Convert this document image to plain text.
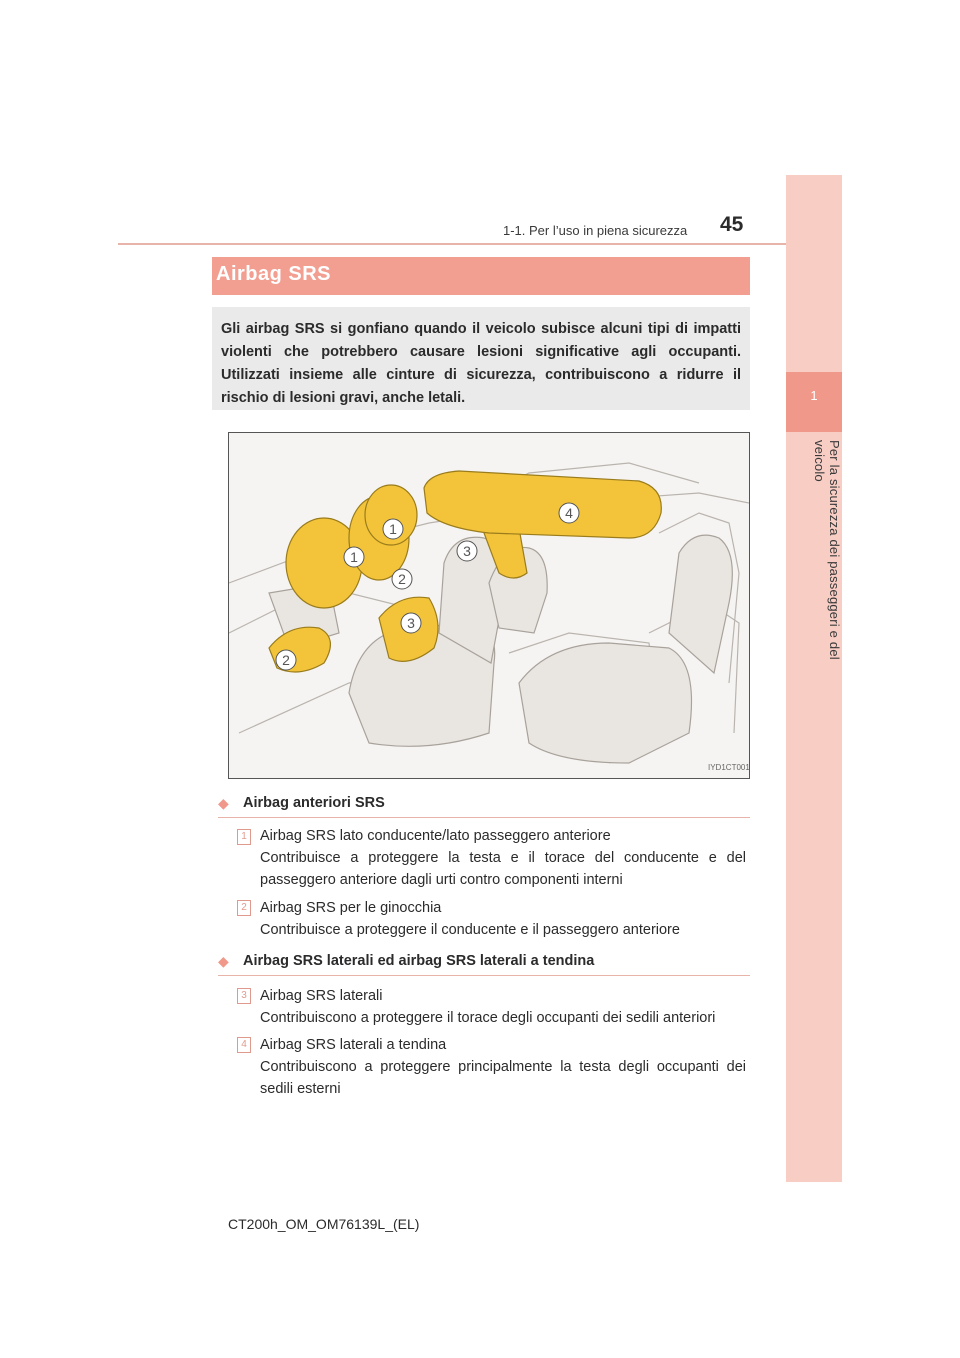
45
1-1. Per l’uso in piena sicurezza
1
Per la sicurezza dei passeggeri e del veicolo
Airbag SRS
Gli airbag SRS si gonfiano quando il veicolo subisce alcuni tipi di impatti violenti che potrebbero causare lesioni significative agli occupanti. Utilizzati insieme alle cinture di sicurezza, contribuiscono a ridurre il rischio di lesioni gravi, anche letali.
1
1
2
2
3
3
4
IYD1CT001
◆ Airbag anteriori SRS
1 Airbag SRS lato conducente/lato passeggero anteriore
Contribuisce a proteggere la testa e il torace del conducente e del passeggero anteriore dagli urti contro componenti interni
2 Airbag SRS per le ginocchia
Contribuisce a proteggere il conducente e il passeggero anteriore
◆ Airbag SRS laterali ed airbag SRS laterali a tendina
3 Airbag SRS laterali
Contribuiscono a proteggere il torace degli occupanti dei sedili anteriori
4 Airbag SRS laterali a tendina
Contribuiscono a proteggere principalmente la testa degli occupanti dei sedili esterni
CT200h_OM_OM76139L_(EL)
